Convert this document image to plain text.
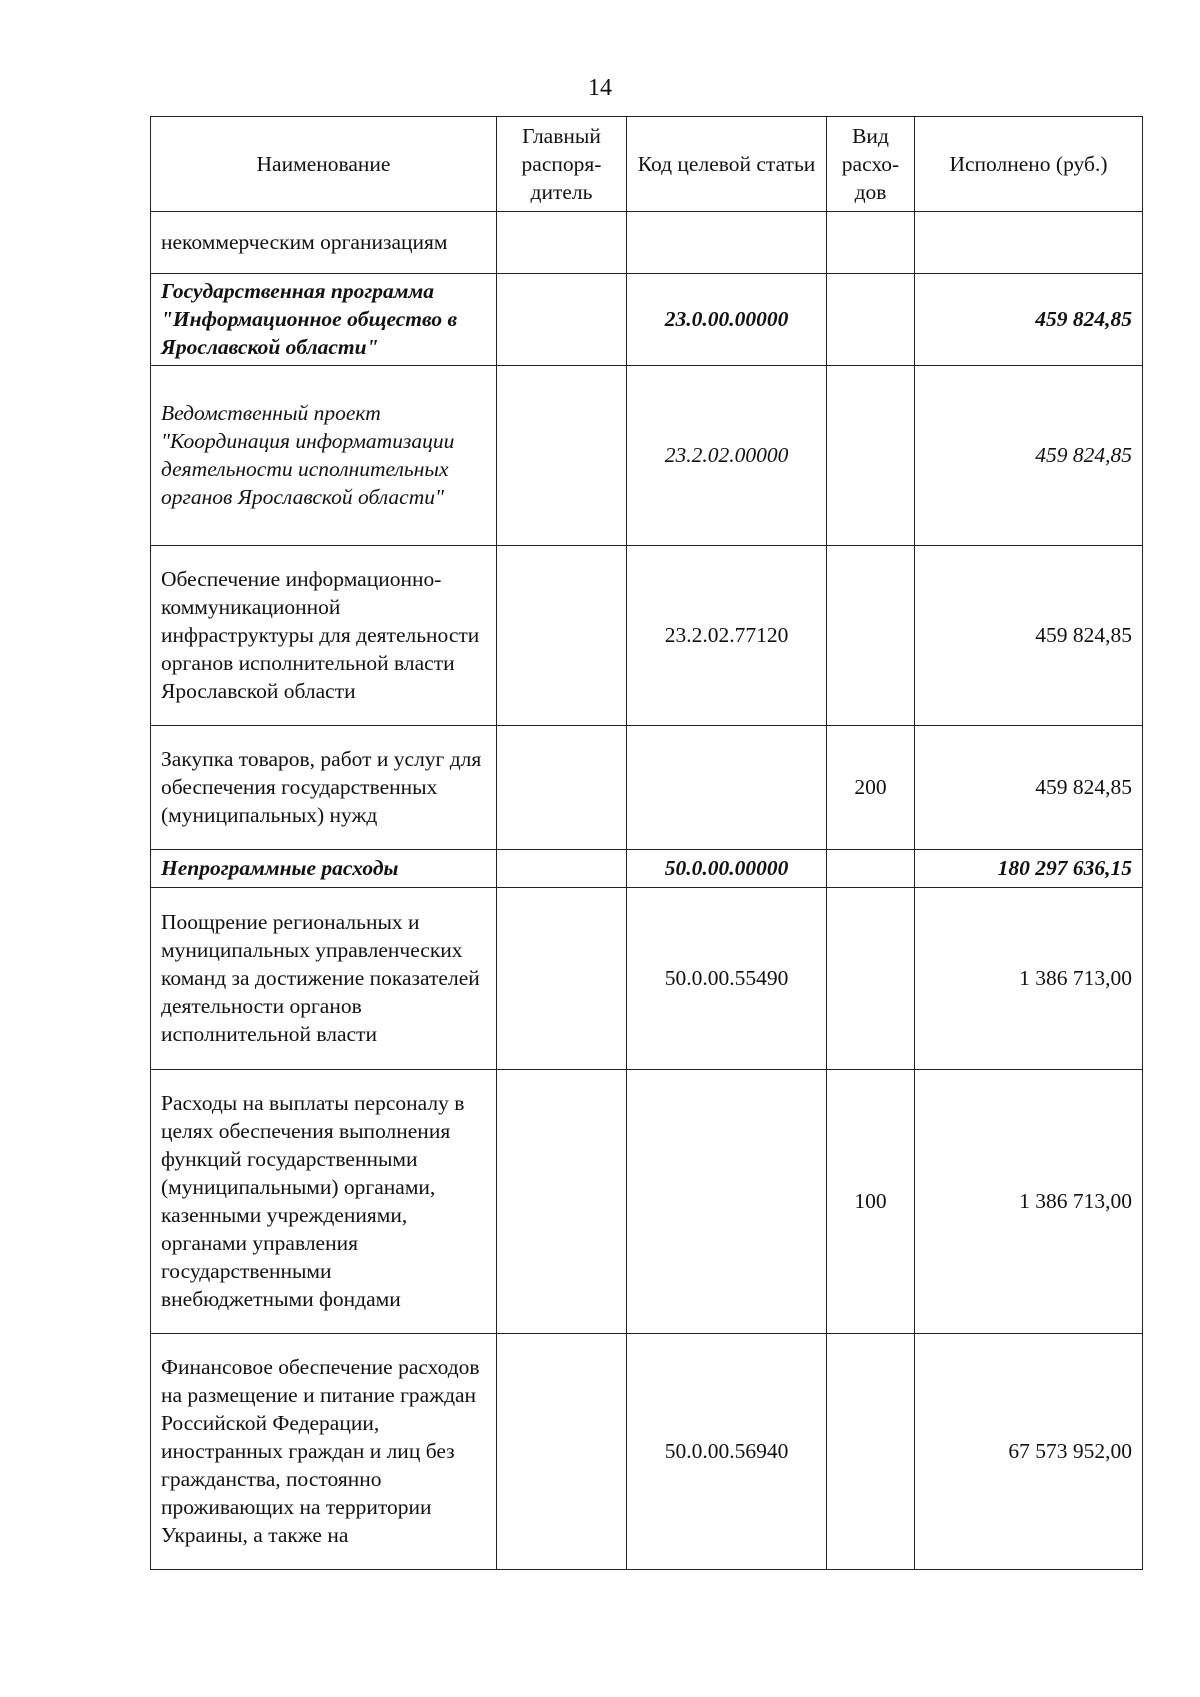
14
Наименование	Главный распоря-дитель	Код целевой статьи	Вид расхо-дов	Исполнено (руб.)
некоммерческим организациям				
Государственная программа "Информационное общество в Ярославской области"		23.0.00.00000		459 824,85
Ведомственный проект "Координация информатизации деятельности исполнительных органов Ярославской области"		23.2.02.00000		459 824,85
Обеспечение информационно-коммуникационной инфраструктуры для деятельности органов исполнительной власти Ярославской области		23.2.02.77120		459 824,85
Закупка товаров, работ и услуг для обеспечения государственных (муниципальных) нужд			200	459 824,85
Непрограммные расходы		50.0.00.00000		180 297 636,15
Поощрение региональных и муниципальных управленческих команд за достижение показателей деятельности органов исполнительной власти		50.0.00.55490		1 386 713,00
Расходы на выплаты персоналу в целях обеспечения выполнения функций государственными (муниципальными) органами, казенными учреждениями, органами управления государственными внебюджетными фондами			100	1 386 713,00
Финансовое обеспечение расходов на размещение и питание граждан Российской Федерации, иностранных граждан и лиц без гражданства, постоянно проживающих на территории Украины, а также на		50.0.00.56940		67 573 952,00
